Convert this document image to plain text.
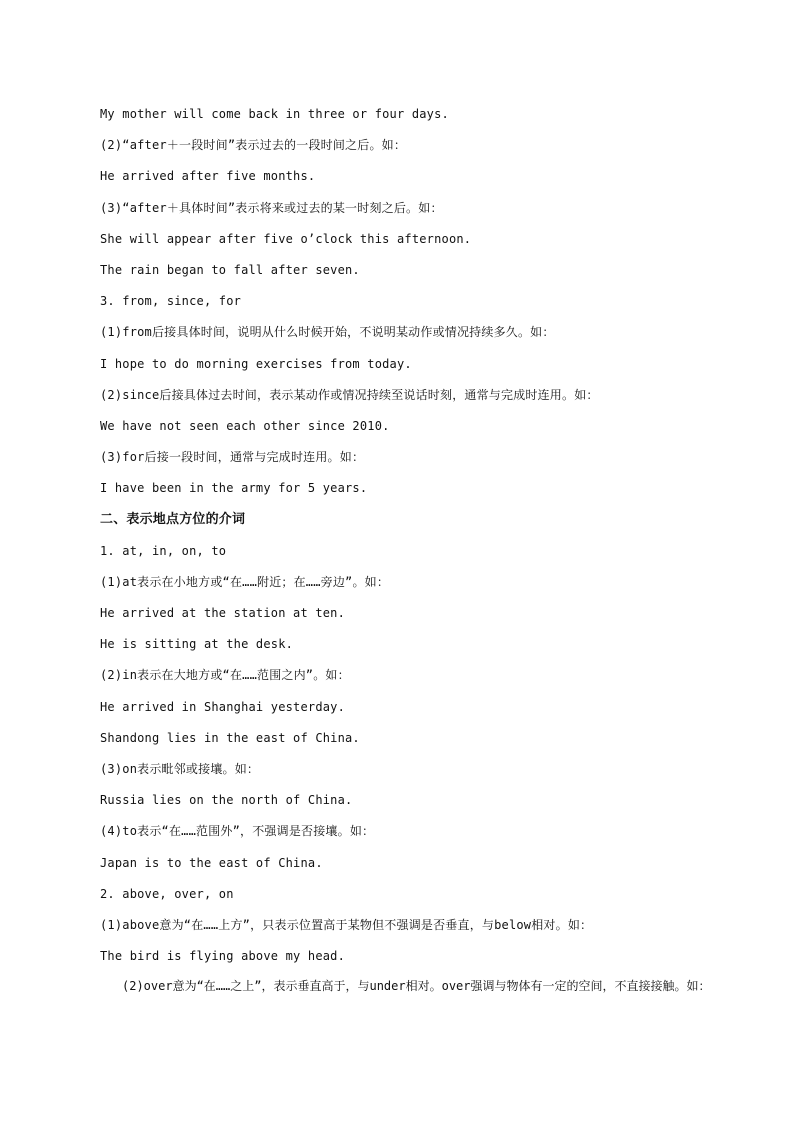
My mother will come back in three or four days.
(2)“after＋一段时间”表示过去的一段时间之后。如：
He arrived after five months.
(3)“after＋具体时间”表示将来或过去的某一时刻之后。如：
She will appear after five o’clock this afternoon.
The rain began to fall after seven.
3. from, since, for
(1)from后接具体时间，说明从什么时候开始，不说明某动作或情况持续多久。如：
I hope to do morning exercises from today.
(2)since后接具体过去时间，表示某动作或情况持续至说话时刻，通常与完成时连用。如：
We have not seen each other since 2010.
(3)for后接一段时间，通常与完成时连用。如：
I have been in the army for 5 years.
二、表示地点方位的介词
1. at, in, on, to
(1)at表示在小地方或“在……附近；在……旁边”。如：
He arrived at the station at ten.
He is sitting at the desk.
(2)in表示在大地方或“在……范围之内”。如：
He arrived in Shanghai yesterday.
Shandong lies in the east of China.
(3)on表示毗邻或接壤。如：
Russia lies on the north of China.
(4)to表示“在……范围外”，不强调是否接壤。如：
Japan is to the east of China.
2. above, over, on
(1)above意为“在……上方”，只表示位置高于某物但不强调是否垂直，与below相对。如：
The bird is flying above my head.
(2)over意为“在……之上”，表示垂直高于，与under相对。over强调与物体有一定的空间，不直接接触。如：
